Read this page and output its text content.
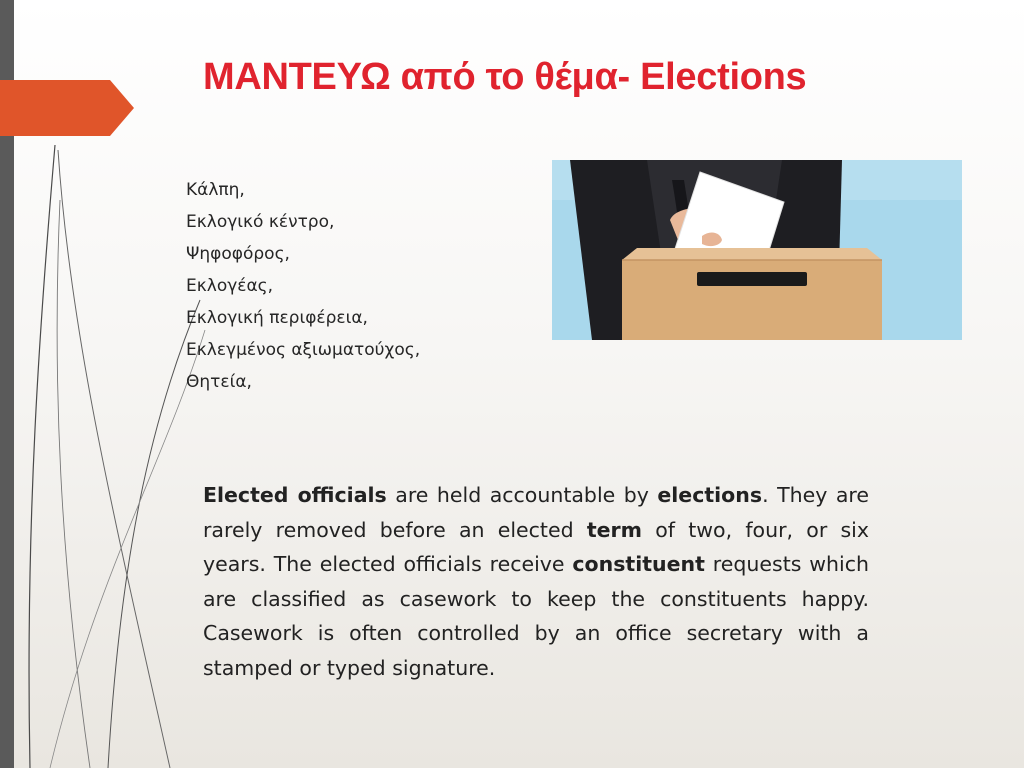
ΜΑΝΤΕΥΩ από το θέμα- Elections
Κάλπη,
Εκλογικό κέντρο,
Ψηφοφόρος,
Εκλογέας,
Εκλογική περιφέρεια,
Εκλεγμένος αξιωματούχος,
Θητεία,

Elected officials are held accountable by elections. They are rarely removed before an elected term of two, four, or six years. The elected officials receive constituent requests which are classified as casework to keep the constituents happy. Casework is often controlled by an office secretary with a stamped or typed signature.
